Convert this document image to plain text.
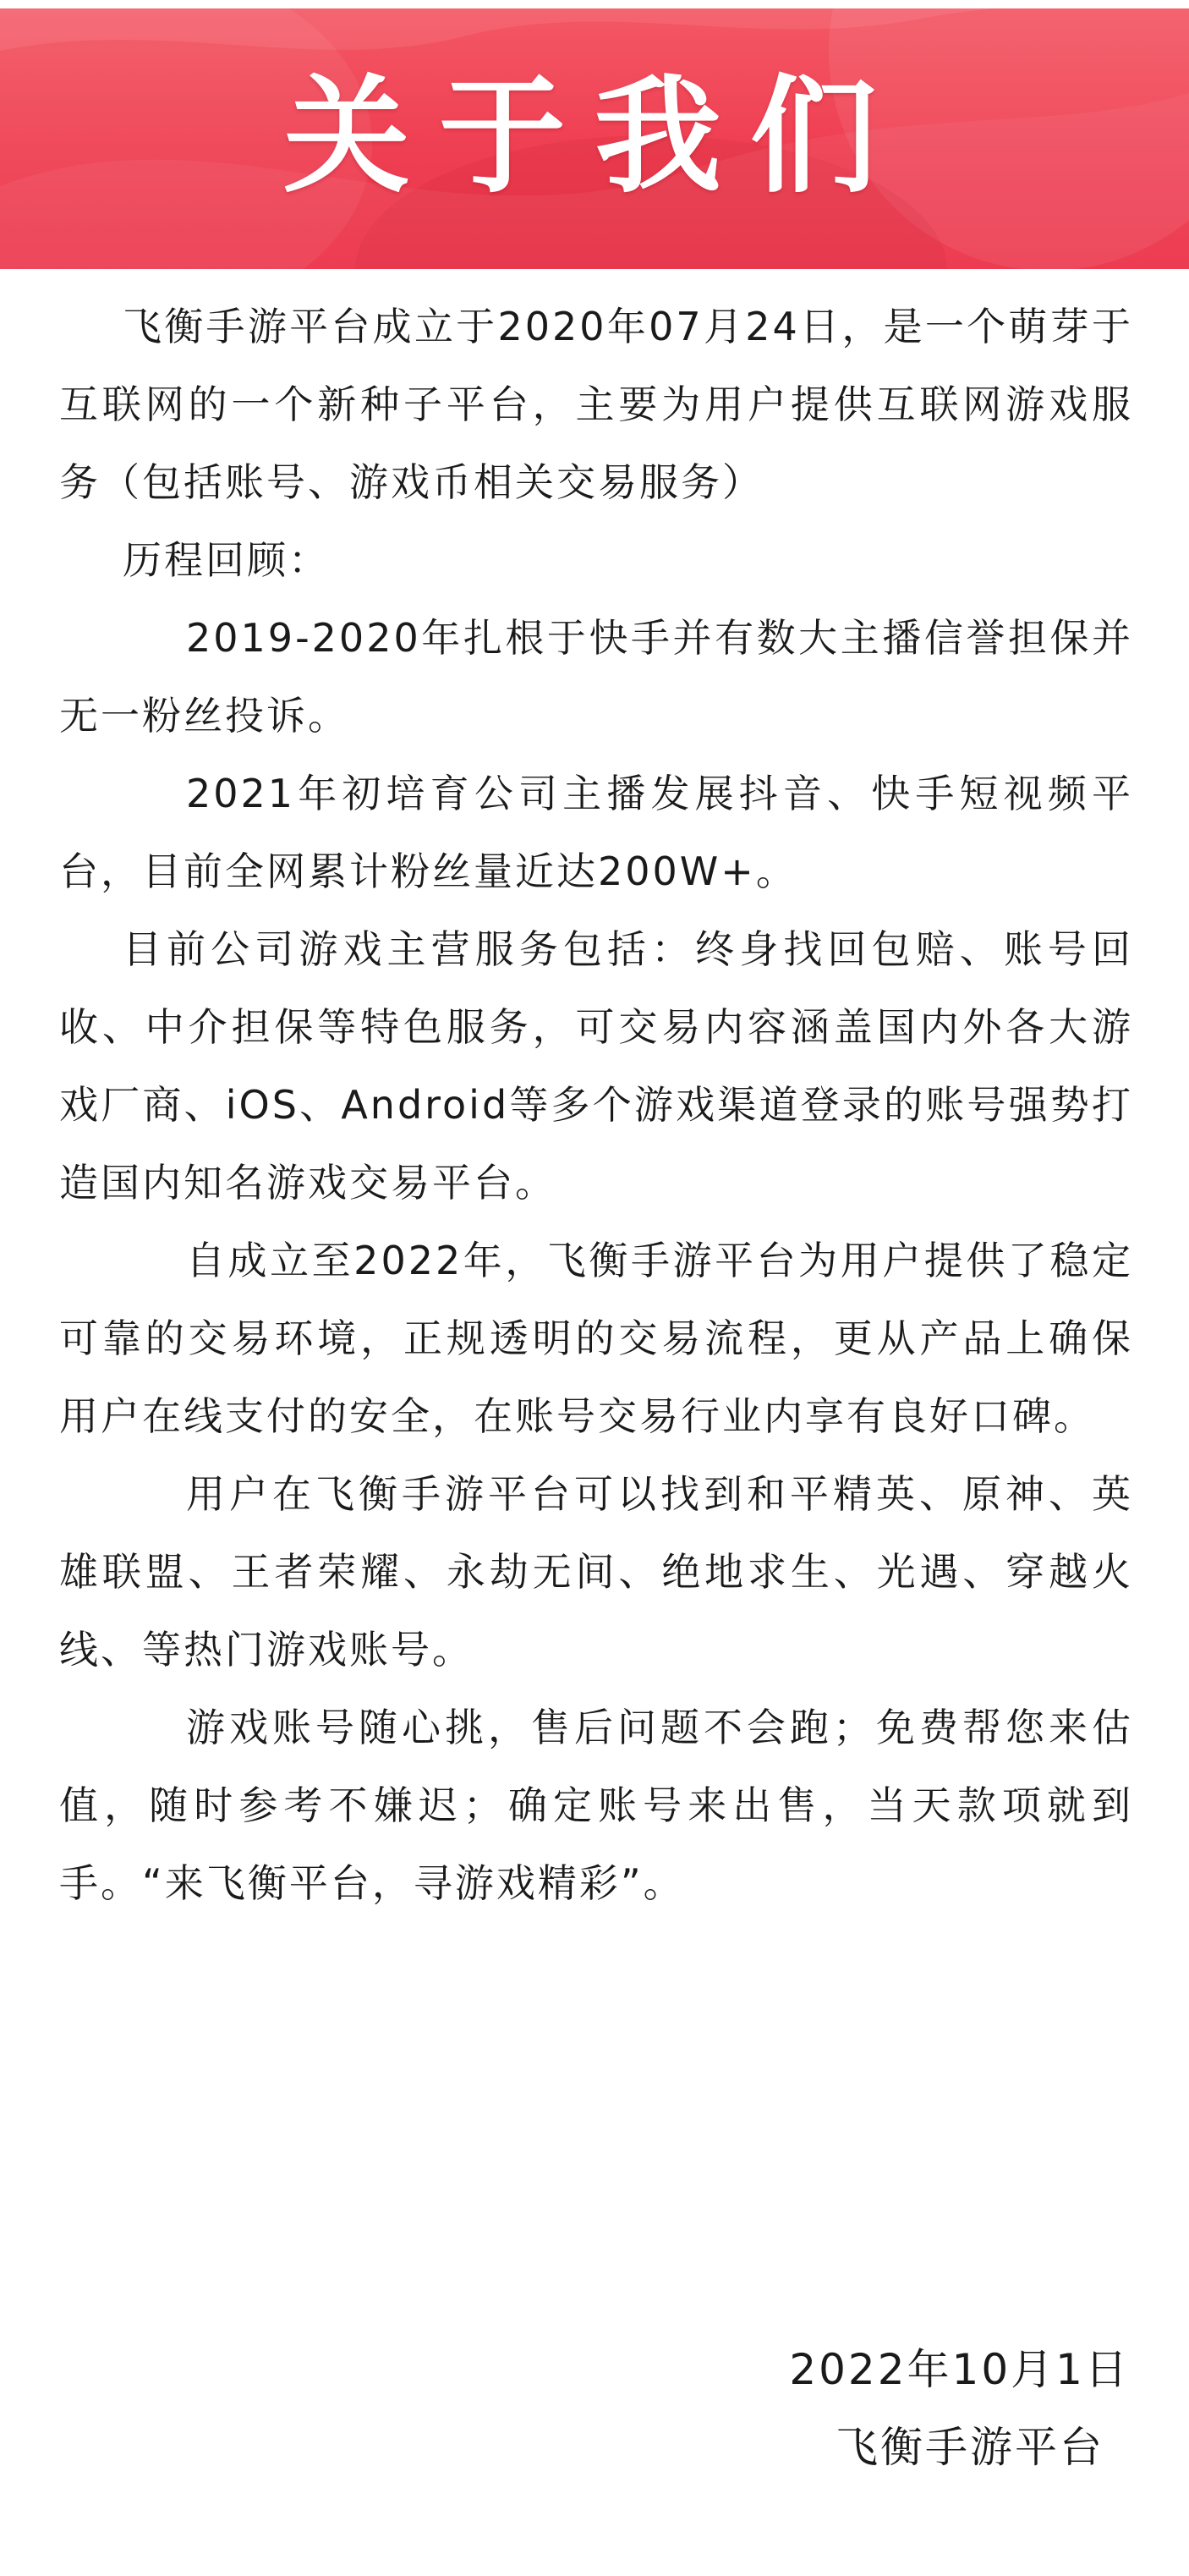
关于我们

飞衡手游平台成立于2020年07月24日，是一个萌芽于互联网的一个新种子平台，主要为用户提供互联网游戏服务（包括账号、游戏币相关交易服务）

历程回顾：

2019-2020年扎根于快手并有数大主播信誉担保并无一粉丝投诉。

2021年初培育公司主播发展抖音、快手短视频平台，目前全网累计粉丝量近达200W+。

目前公司游戏主营服务包括：终身找回包赔、账号回收、中介担保等特色服务，可交易内容涵盖国内外各大游戏厂商、iOS、Android等多个游戏渠道登录的账号强势打造国内知名游戏交易平台。

自成立至2022年，飞衡手游平台为用户提供了稳定可靠的交易环境，正规透明的交易流程，更从产品上确保用户在线支付的安全，在账号交易行业内享有良好口碑。

用户在飞衡手游平台可以找到和平精英、原神、英雄联盟、王者荣耀、永劫无间、绝地求生、光遇、穿越火线、等热门游戏账号。

游戏账号随心挑，售后问题不会跑；免费帮您来估值，随时参考不嫌迟；确定账号来出售，当天款项就到手。“来飞衡平台，寻游戏精彩”。

2022年10月1日
飞衡手游平台
